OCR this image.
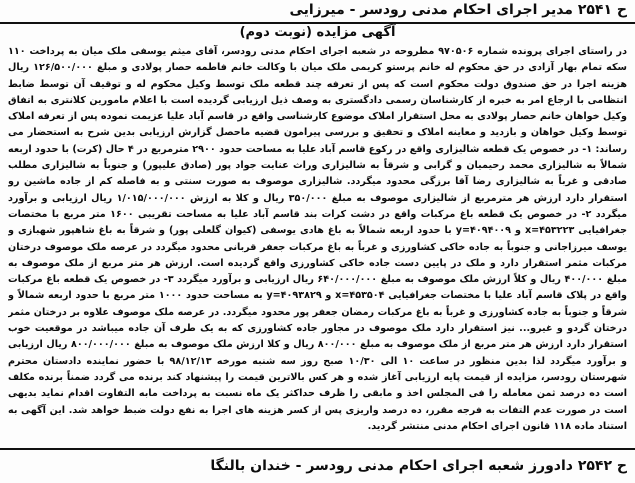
ح ۲۵۴۱ مدیر اجرای احکام مدنی رودسر - میرزایی
آگهی مزایده (نوبت دوم)
در راستای اجرای پرونده شماره ۹۷۰۵۰۶ مطروحه در شعبه اجرای احکام مدنی رودسر، آقای میثم یوسفی ملک میان به پرداخت ۱۱۰ سکه تمام بهار آزادی در حق محکوم له خانم پرستو کریمی ملک میان با وکالت خانم فاطمه حصار پولادی و مبلغ ۱۲۶/۵۰۰/۰۰۰ ریال هزینه اجرا در حق صندوق دولت محکوم است که پس از تعرفه چند قطعه ملک توسط وکیل محکوم له و توقیف آن توسط ضابط انتظامی با ارجاع امر به خبره از کارشناسان رسمی دادگستری به وصف ذیل ارزیابی گردیده است با اعلام مامورین کلانتری به اتفاق وکیل خواهان خانم حصار پولادی به محل استقرار املاک موضوع کارشناسی واقع در قاسم آباد علیا عزیمت نموده پس از تعرفه املاک توسط وکیل خواهان و بازدید و معاینه املاک و تحقیق و بررسی پیرامون قضیه ماحصل گزارش ارزیابی بدین شرح به استحضار می رساند: ۱- در خصوص یک قطعه شالیزاری واقع در رکوع قاسم آباد علیا به مساحت حدود ۲۹۰۰ مترمربع در ۴ حال (کرت) با حدود اربعه شمالاً به شالیزاری محمد رحیمیان و گرابی و شرقاً به شالیزاری وراث عنایت جواد پور (صادق علیپور) و جنوباً به شالیزاری مطلب صادقی و غرباً به شالیزاری رضا آقا برزگی محدود میگردد. شالیزاری موصوف به صورت سنتی و به فاصله کم از جاده ماشین رو استقرار دارد ارزش هر مترمربع از شالیزاری موصوف به مبلغ ۳۵۰/۰۰۰ ریال و کلا به ارزش ۱/۰۱۵/۰۰۰/۰۰۰ ریال ارزیابی و برآورد میگردد ۲- در خصوص یک قطعه باغ مرکبات واقع در دشت کرات بند قاسم آباد علیا به مساحت تقریبی ۱۶۰۰ متر مربع با مختصات جغرافیایی x=۴۵۳۲۲۳ و y=۴۰۹۴۰۰۹ با حدود اربعه شمالاً به باغ هادی یوسفی (کیوان گلعلی پور) و شرقاً به باغ شاهپور شهبازی و یوسف میرزاجانی و جنوباً به جاده خاکی کشاورزی و غرباً به باغ مرکبات جعفر قربانی محدود میگردد در عرصه ملک موصوف درختان مرکبات مثمر استقرار دارد و ملک در پایین دست جاده خاکی کشاورزی واقع گردیده است. ارزش هر متر مربع از ملک موصوف به مبلغ ۴۰۰/۰۰۰ ریال و کلاً ارزش ملک موصوف به مبلغ ۶۴۰/۰۰۰/۰۰۰ ریال ارزیابی و برآورد میگردد ۳- در خصوص یک قطعه باغ مرکبات واقع در پلاک قاسم آباد علیا با مختصات جغرافیایی x=۴۵۳۵۰۴ و y=۴۰۹۳۸۲۹ به مساحت حدود ۱۰۰۰ متر مربع با حدود اربعه شمالاً و شرقاً و جنوباً به جاده کشاورزی و غرباً به باغ مرکبات رمضان جعفر پور محدود میگردد. در عرصه ملک موصوف علاوه بر درختان مثمر درختان گردو و غیرو... نیز استقرار دارد ملک موصوف در مجاور جاده کشاورزی که به یک طرف آن جاده میباشد در موقعیت خوب استقرار دارد ارزش هر متر مربع از ملک موصوف به مبلغ ۸۰۰/۰۰۰ ریال و کلا ارزش ملک موصوف به مبلغ ۸۰۰/۰۰۰/۰۰۰ ریال ارزیابی و برآورد میگردد لذا بدین منظور در ساعت ۱۰ الی ۱۰/۳۰ صبح روز سه شنبه مورخه ۹۸/۱۲/۱۳ با حضور نماینده دادستان محترم شهرستان رودسر، مزایده از قیمت پایه ارزیابی آغاز شده و هر کس بالاترین قیمت را پیشنهاد کند برنده می گردد ضمناً برنده مکلف است ده درصد ثمن معامله را فی المجلس اخذ و مابقی را ظرف حداکثر یک ماه نسبت به پرداخت مابه التفاوت اقدام نماید بدیهی است در صورت عدم التفات به فرجه مقرر، ده درصد واریزی پس از کسر هزینه های اجرا به نفع دولت ضبط خواهد شد. این آگهی به استناد ماده ۱۱۸ قانون اجرای احکام مدنی منتشر گردید.
ح ۲۵۴۲ دادورز شعبه اجرای احکام مدنی رودسر - خندان بالنگا
